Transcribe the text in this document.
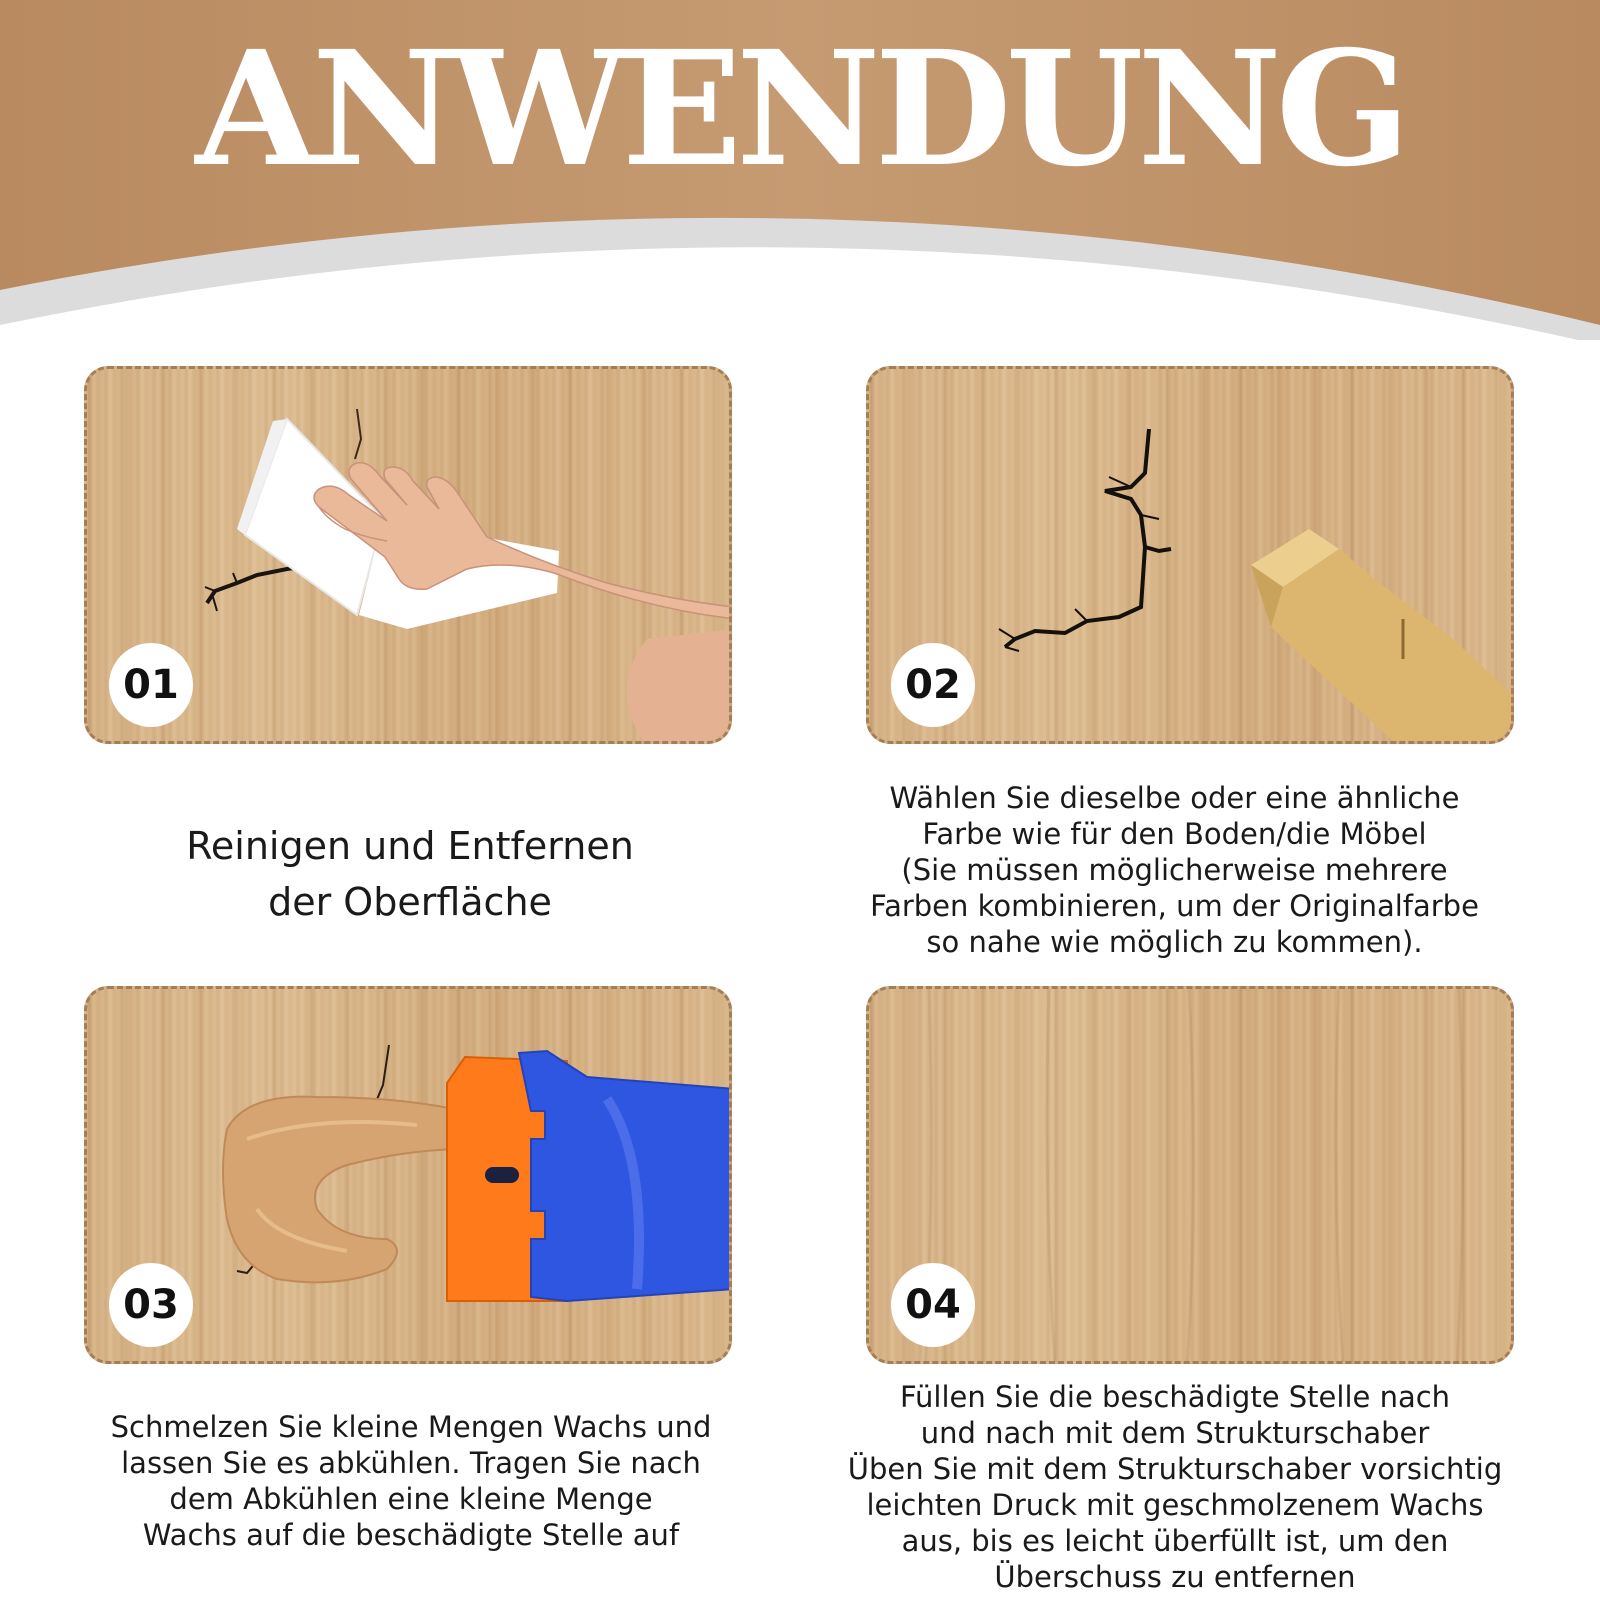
ANWENDUNG
01	02
03	04
Reinigen und Entfernen
der Oberfläche
Wählen Sie dieselbe oder eine ähnliche
Farbe wie für den Boden/die Möbel
(Sie müssen möglicherweise mehrere
Farben kombinieren, um der Originalfarbe
so nahe wie möglich zu kommen).
Schmelzen Sie kleine Mengen Wachs und
lassen Sie es abkühlen. Tragen Sie nach
dem Abkühlen eine kleine Menge
Wachs auf die beschädigte Stelle auf
Füllen Sie die beschädigte Stelle nach
und nach mit dem Strukturschaber
Üben Sie mit dem Strukturschaber vorsichtig
leichten Druck mit geschmolzenem Wachs
aus, bis es leicht überfüllt ist, um den
Überschuss zu entfernen
